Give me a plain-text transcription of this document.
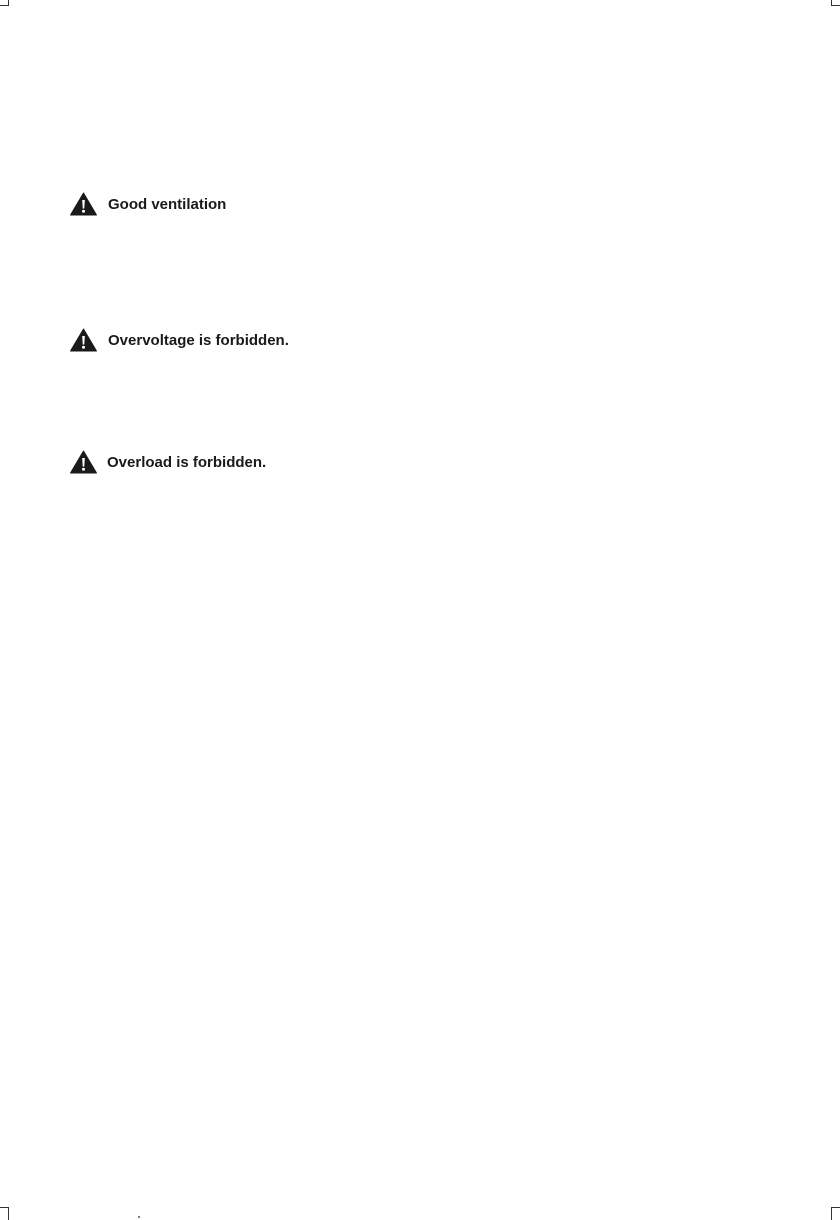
Good ventilation
Overvoltage is forbidden.
Overload is forbidden.
